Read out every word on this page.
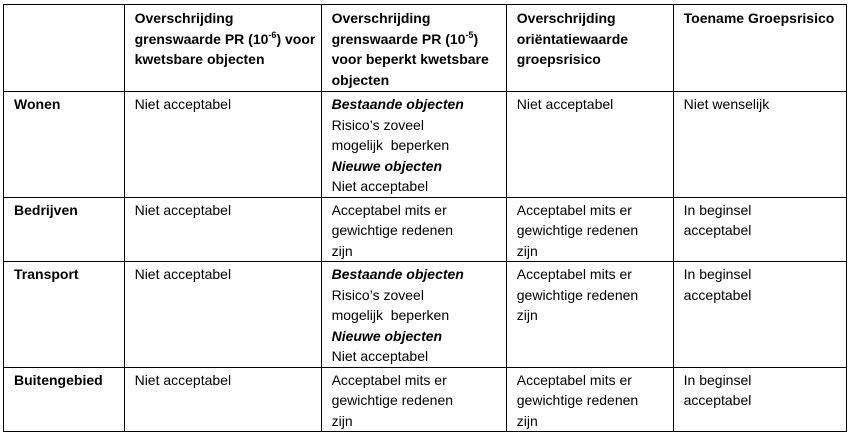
	Overschrijding grenswaarde PR $(10^{-6})$ voor kwetsbare objecten	Overschrijding grenswaarde PR $(10^{-5})$ voor beperkt kwetsbare objecten	Overschrijding oriëntatiewaarde groepsrisico	Toename Groepsrisico
Wonen	Niet acceptabel	Bestaande objecten
Risico’s zoveel
mogelijk  beperken
Nieuwe objecten
Niet acceptabel	Niet acceptabel	Niet wenselijk
Bedrijven	Niet acceptabel	Acceptabel mits er
gewichtige redenen
zijn	Acceptabel mits er
gewichtige redenen
zijn	In beginsel
acceptabel

Transport	Niet acceptabel	Bestaande objecten
Risico’s zoveel
mogelijk  beperken
Nieuwe objecten
Niet acceptabel	Acceptabel mits er
gewichtige redenen
zijn	In beginsel
acceptabel

Buitengebied	Niet acceptabel	Acceptabel mits er
gewichtige redenen
zijn	Acceptabel mits er
gewichtige redenen
zijn	In beginsel
acceptabel
